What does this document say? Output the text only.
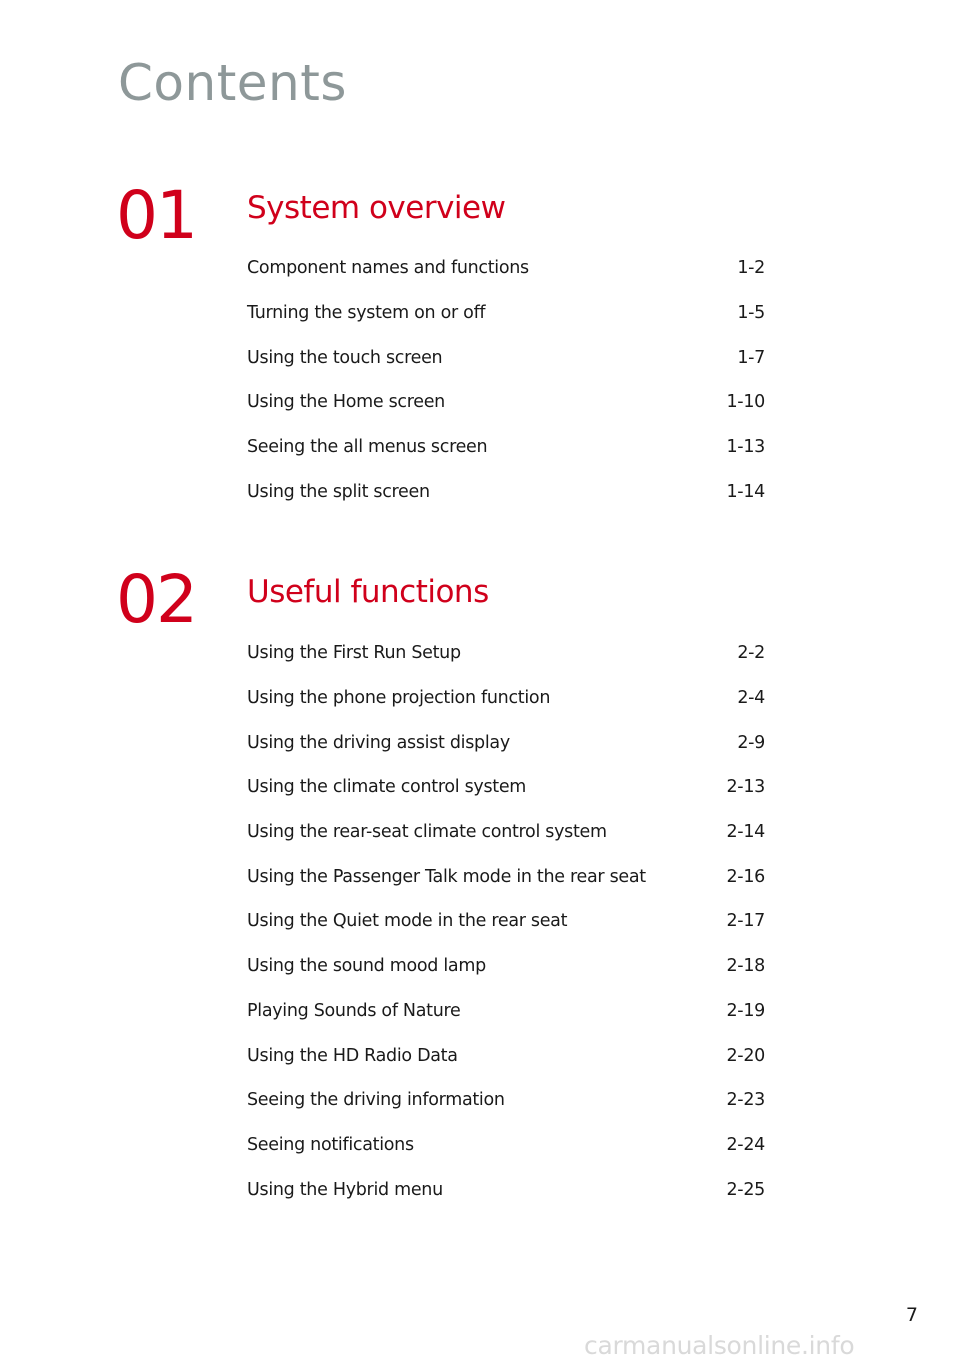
Contents
01 System overview
Component names and functions	1-2
Turning the system on or off	1-5
Using the touch screen	1-7
Using the Home screen	1-10
Seeing the all menus screen	1-13
Using the split screen	1-14
02 Useful functions
Using the First Run Setup	2-2
Using the phone projection function	2-4
Using the driving assist display	2-9
Using the climate control system	2-13
Using the rear-seat climate control system	2-14
Using the Passenger Talk mode in the rear seat	2-16
Using the Quiet mode in the rear seat	2-17
Using the sound mood lamp	2-18
Playing Sounds of Nature	2-19
Using the HD Radio Data	2-20
Seeing the driving information	2-23
Seeing notifications	2-24
Using the Hybrid menu	2-25
7
carmanualsonline.info
